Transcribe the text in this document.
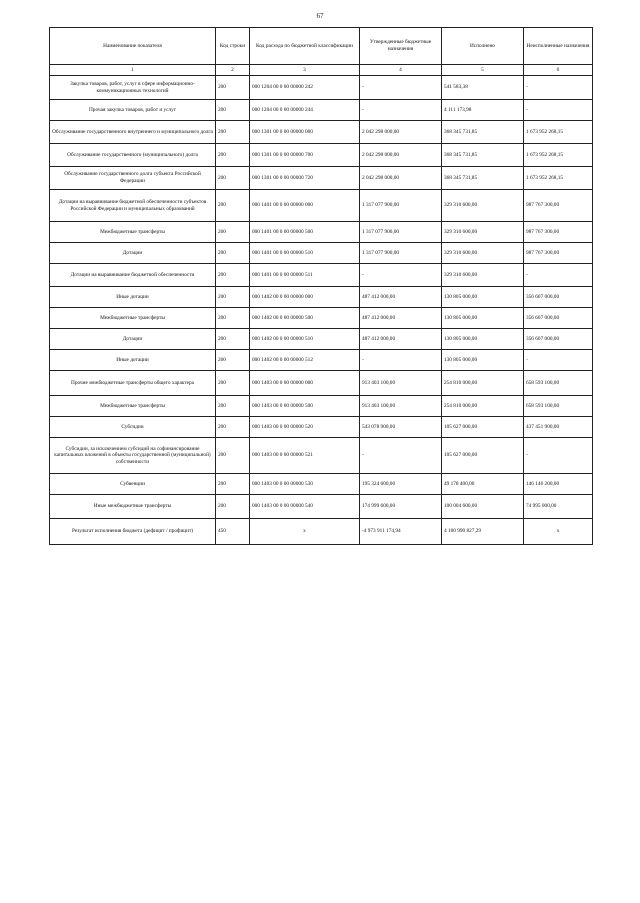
67
Наименование показателя	Код строки	Код расхода по бюджетной классификации	Утвержденные бюджетные назначения	Исполнено	Неисполненные назначения
1	2	3	4	5	6
Закупка товаров, работ, услуг в сфере информационно-коммуникационных технологий	200	000 1204 00 0 00 00000 242	-	541 583,38	-
Прочая закупка товаров, работ и услуг	200	000 1204 00 0 00 00000 244	-	4 111 173,98	-
Обслуживание государственного внутреннего и муниципального долга	200	000 1301 00 0 00 00000 000	2 042 298 000,00	368 345 731,85	1 673 952 268,15
Обслуживание государственного (муниципального) долга	200	000 1301 00 0 00 00000 700	2 042 298 000,00	368 345 731,85	1 673 952 268,15
Обслуживание государственного долга субъекта Российской Федерации	200	000 1301 00 0 00 00000 720	2 042 298 000,00	368 345 731,85	1 673 952 268,15
Дотации на выравнивание бюджетной обеспеченности субъектов Российской Федерации и муниципальных образований	200	000 1401 00 0 00 00000 000	1 317 077 900,00	329 310 600,00	987 767 300,00
Межбюджетные трансферты	200	000 1401 00 0 00 00000 500	1 317 077 900,00	329 310 600,00	987 767 300,00
Дотации	200	000 1401 00 0 00 00000 510	1 317 077 900,00	329 310 600,00	987 767 300,00
Дотации на выравнивание бюджетной обеспеченности	200	000 1401 00 0 00 00000 511	-	329 310 600,00	-
Иные дотации	200	000 1402 00 0 00 00000 000	487 412 000,00	130 805 000,00	356 607 000,00
Межбюджетные трансферты	200	000 1402 00 0 00 00000 500	487 412 000,00	130 805 000,00	356 607 000,00
Дотации	200	000 1402 00 0 00 00000 510	487 412 000,00	130 805 000,00	356 607 000,00
Иные дотации	200	000 1402 00 0 00 00000 512	-	130 805 000,00	-
Прочие межбюджетные трансферты общего характера	200	000 1403 00 0 00 00000 000	913 403 100,00	254 810 000,00	658 593 100,00
Межбюджетные трансферты	200	000 1403 00 0 00 00000 500	913 403 100,00	254 810 000,00	658 593 100,00
Субсидии	200	000 1403 00 0 00 00000 520	543 078 900,00	105 627 000,00	437 451 900,00
Субсидии, за исключением субсидий на софинансирование капитальных вложений в объекты государственной (муниципальной) собственности	200	000 1403 00 0 00 00000 521	-	105 627 000,00	-
Субвенции	200	000 1403 00 0 00 00000 530	195 324 600,00	49 178 400,00	146 146 200,00
Иные межбюджетные трансферты	200	000 1403 00 0 00 00000 540	174 999 600,00	100 004 600,00	74 995 000,00
Результат исполнения бюджета (дефицит / профицит)	450	x	-4 973 911 174,94	4 100 990 827,29	x
